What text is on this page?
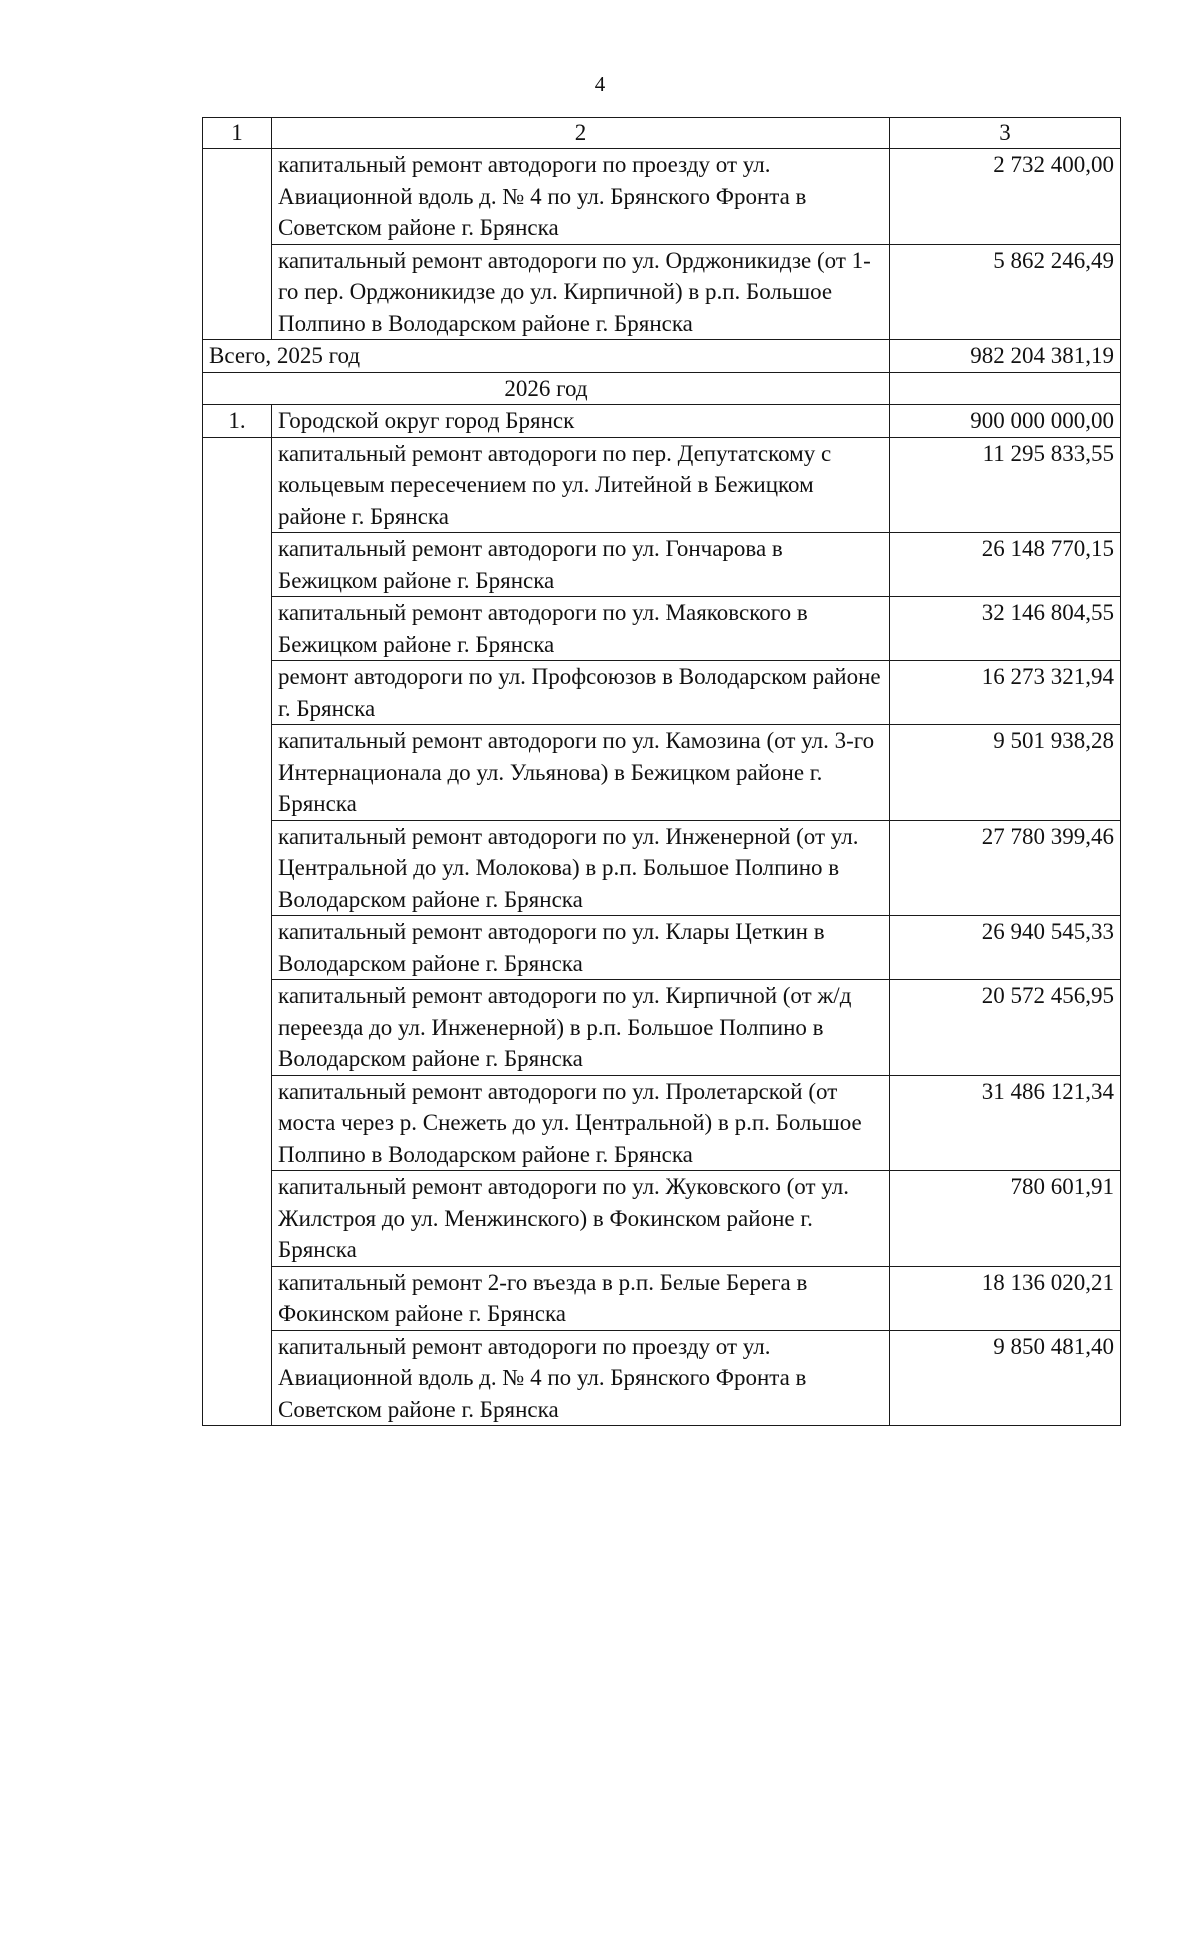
4
1	2	3
	капитальный ремонт автодороги по проезду от ул. Авиационной вдоль д. № 4 по ул. Брянского Фронта в Советском районе г. Брянска	2 732 400,00
	капитальный ремонт автодороги по ул. Орджоникидзе (от 1-го пер. Орджоникидзе до ул. Кирпичной) в р.п. Большое Полпино в Володарском районе г. Брянска	5 862 246,49
Всего, 2025 год		982 204 381,19
2026 год		
1.	Городской округ город Брянск	900 000 000,00
	капитальный ремонт автодороги по пер. Депутатскому с кольцевым пересечением по ул. Литейной в Бежицком районе г. Брянска	11 295 833,55
	капитальный ремонт автодороги по ул. Гончарова в Бежицком районе г. Брянска	26 148 770,15
	капитальный ремонт автодороги по ул. Маяковского в Бежицком районе г. Брянска	32 146 804,55
	ремонт автодороги по ул. Профсоюзов в Володарском районе г. Брянска	16 273 321,94
	капитальный ремонт автодороги по ул. Камозина (от ул. 3-го Интернационала до ул. Ульянова) в Бежицком районе г. Брянска	9 501 938,28
	капитальный ремонт автодороги по ул. Инженерной (от ул. Центральной до ул. Молокова) в р.п. Большое Полпино в Володарском районе г. Брянска	27 780 399,46
	капитальный ремонт автодороги по ул. Клары Цеткин в Володарском районе г. Брянска	26 940 545,33
	капитальный ремонт автодороги по ул. Кирпичной (от ж/д переезда до ул. Инженерной) в р.п. Большое Полпино в Володарском районе г. Брянска	20 572 456,95
	капитальный ремонт автодороги по ул. Пролетарской (от моста через р. Снежеть до ул. Центральной) в р.п. Большое Полпино в Володарском районе г. Брянска	31 486 121,34
	капитальный ремонт автодороги по ул. Жуковского (от ул. Жилстроя до ул. Менжинского) в Фокинском районе г. Брянска	780 601,91
	капитальный ремонт 2-го въезда в р.п. Белые Берега в Фокинском районе г. Брянска	18 136 020,21
	капитальный ремонт автодороги по проезду от ул. Авиационной вдоль д. № 4 по ул. Брянского Фронта в Советском районе г. Брянска	9 850 481,40
